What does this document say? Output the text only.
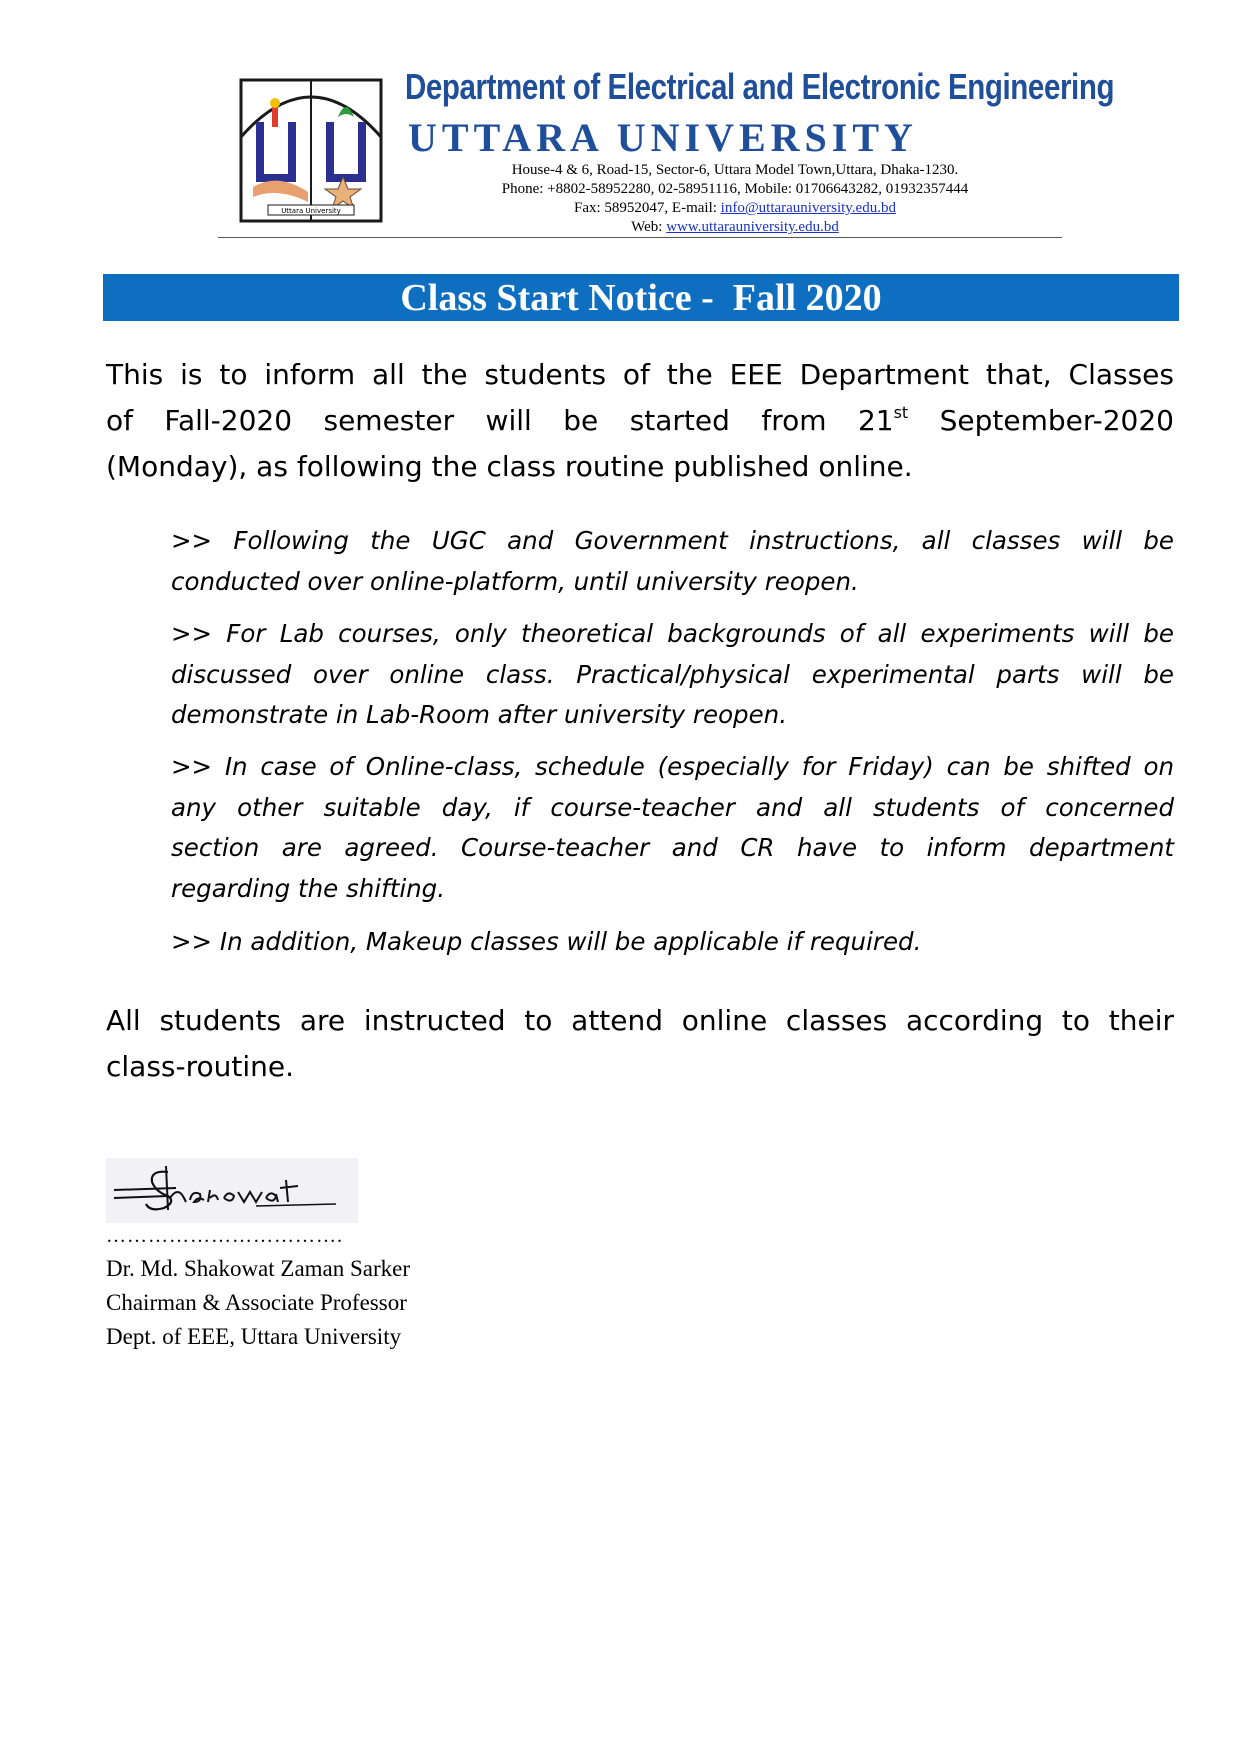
Uttara University
Department of Electrical and Electronic Engineering
UTTARA UNIVERSITY
House-4 & 6, Road-15, Sector-6, Uttara Model Town,Uttara, Dhaka-1230.
Phone: +8802-58952280, 02-58951116, Mobile: 01706643282, 01932357444
Fax: 58952047, E-mail: info@uttarauniversity.edu.bd
Web: www.uttarauniversity.edu.bd
Class Start Notice -  Fall 2020
This is to inform all the students of the EEE Department that, Classes
of Fall-2020 semester will be started from 21st September-2020
(Monday), as following the class routine published online.
>> Following the UGC and Government instructions, all classes will be
conducted over online-platform, until university reopen.
>> For Lab courses, only theoretical backgrounds of all experiments will be
discussed over online class. Practical/physical experimental parts will be
demonstrate in Lab-Room after university reopen.
>> In case of Online-class, schedule (especially for Friday) can be shifted on
any other suitable day, if course-teacher and all students of concerned
section are agreed. Course-teacher and CR have to inform department
regarding the shifting.
>> In addition, Makeup classes will be applicable if required.
All students are instructed to attend online classes according to their
class-routine.
…………………………….
Dr. Md. Shakowat Zaman Sarker
Chairman & Associate Professor
Dept. of EEE, Uttara University
